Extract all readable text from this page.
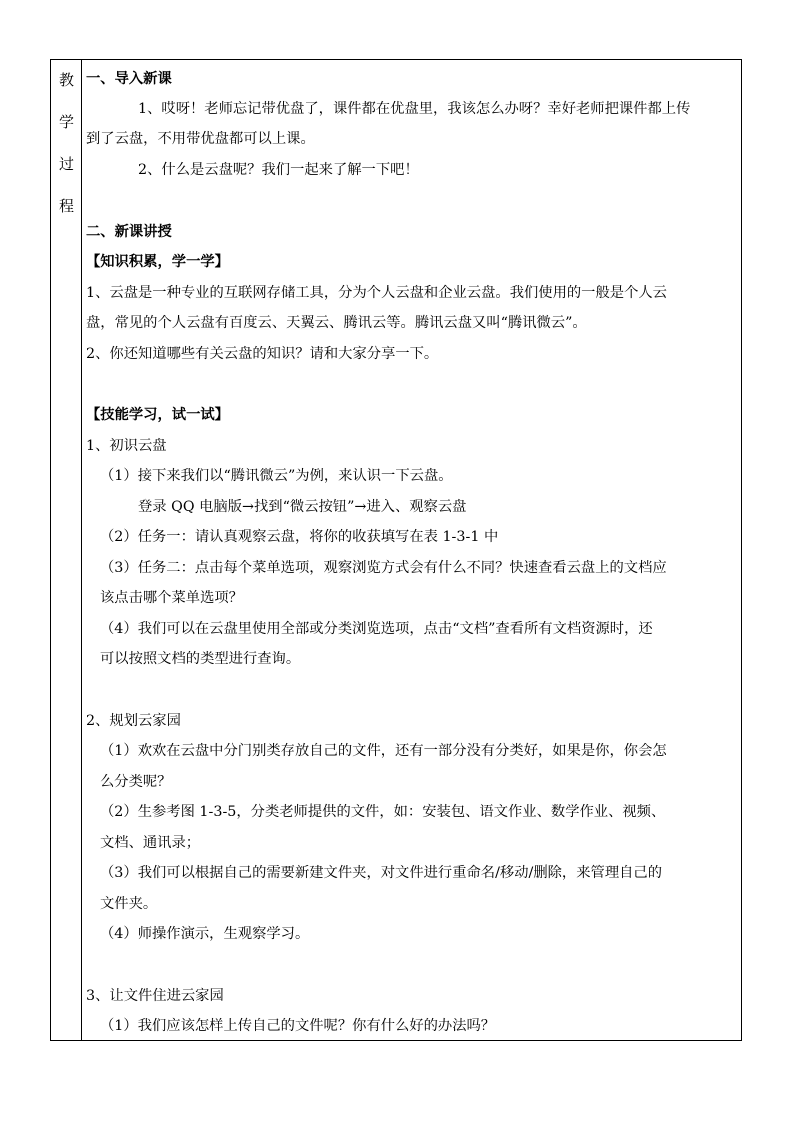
教
学
过
程
一、导入新课
1、哎呀！老师忘记带优盘了，课件都在优盘里，我该怎么办呀？幸好老师把课件都上传
到了云盘，不用带优盘都可以上课。
2、什么是云盘呢？我们一起来了解一下吧！
二、新课讲授
【知识积累，学一学】
1、云盘是一种专业的互联网存储工具，分为个人云盘和企业云盘。我们使用的一般是个人云
盘，常见的个人云盘有百度云、天翼云、腾讯云等。腾讯云盘又叫“腾讯微云”。
2、你还知道哪些有关云盘的知识？请和大家分享一下。
【技能学习，试一试】
1、初识云盘
（1）接下来我们以“腾讯微云”为例，来认识一下云盘。
登录 QQ 电脑版→找到“微云按钮”→进入、观察云盘
（2）任务一：请认真观察云盘，将你的收获填写在表 1-3-1 中
（3）任务二：点击每个菜单选项，观察浏览方式会有什么不同？快速查看云盘上的文档应
该点击哪个菜单选项？
（4）我们可以在云盘里使用全部或分类浏览选项，点击“文档”查看所有文档资源时，还
可以按照文档的类型进行查询。
2、规划云家园
（1）欢欢在云盘中分门别类存放自己的文件，还有一部分没有分类好，如果是你，你会怎
么分类呢？
（2）生参考图 1-3-5，分类老师提供的文件，如：安装包、语文作业、数学作业、视频、
文档、通讯录；
（3）我们可以根据自己的需要新建文件夹，对文件进行重命名/移动/删除，来管理自己的
文件夹。
（4）师操作演示，生观察学习。
3、让文件住进云家园
（1）我们应该怎样上传自己的文件呢？你有什么好的办法吗？
